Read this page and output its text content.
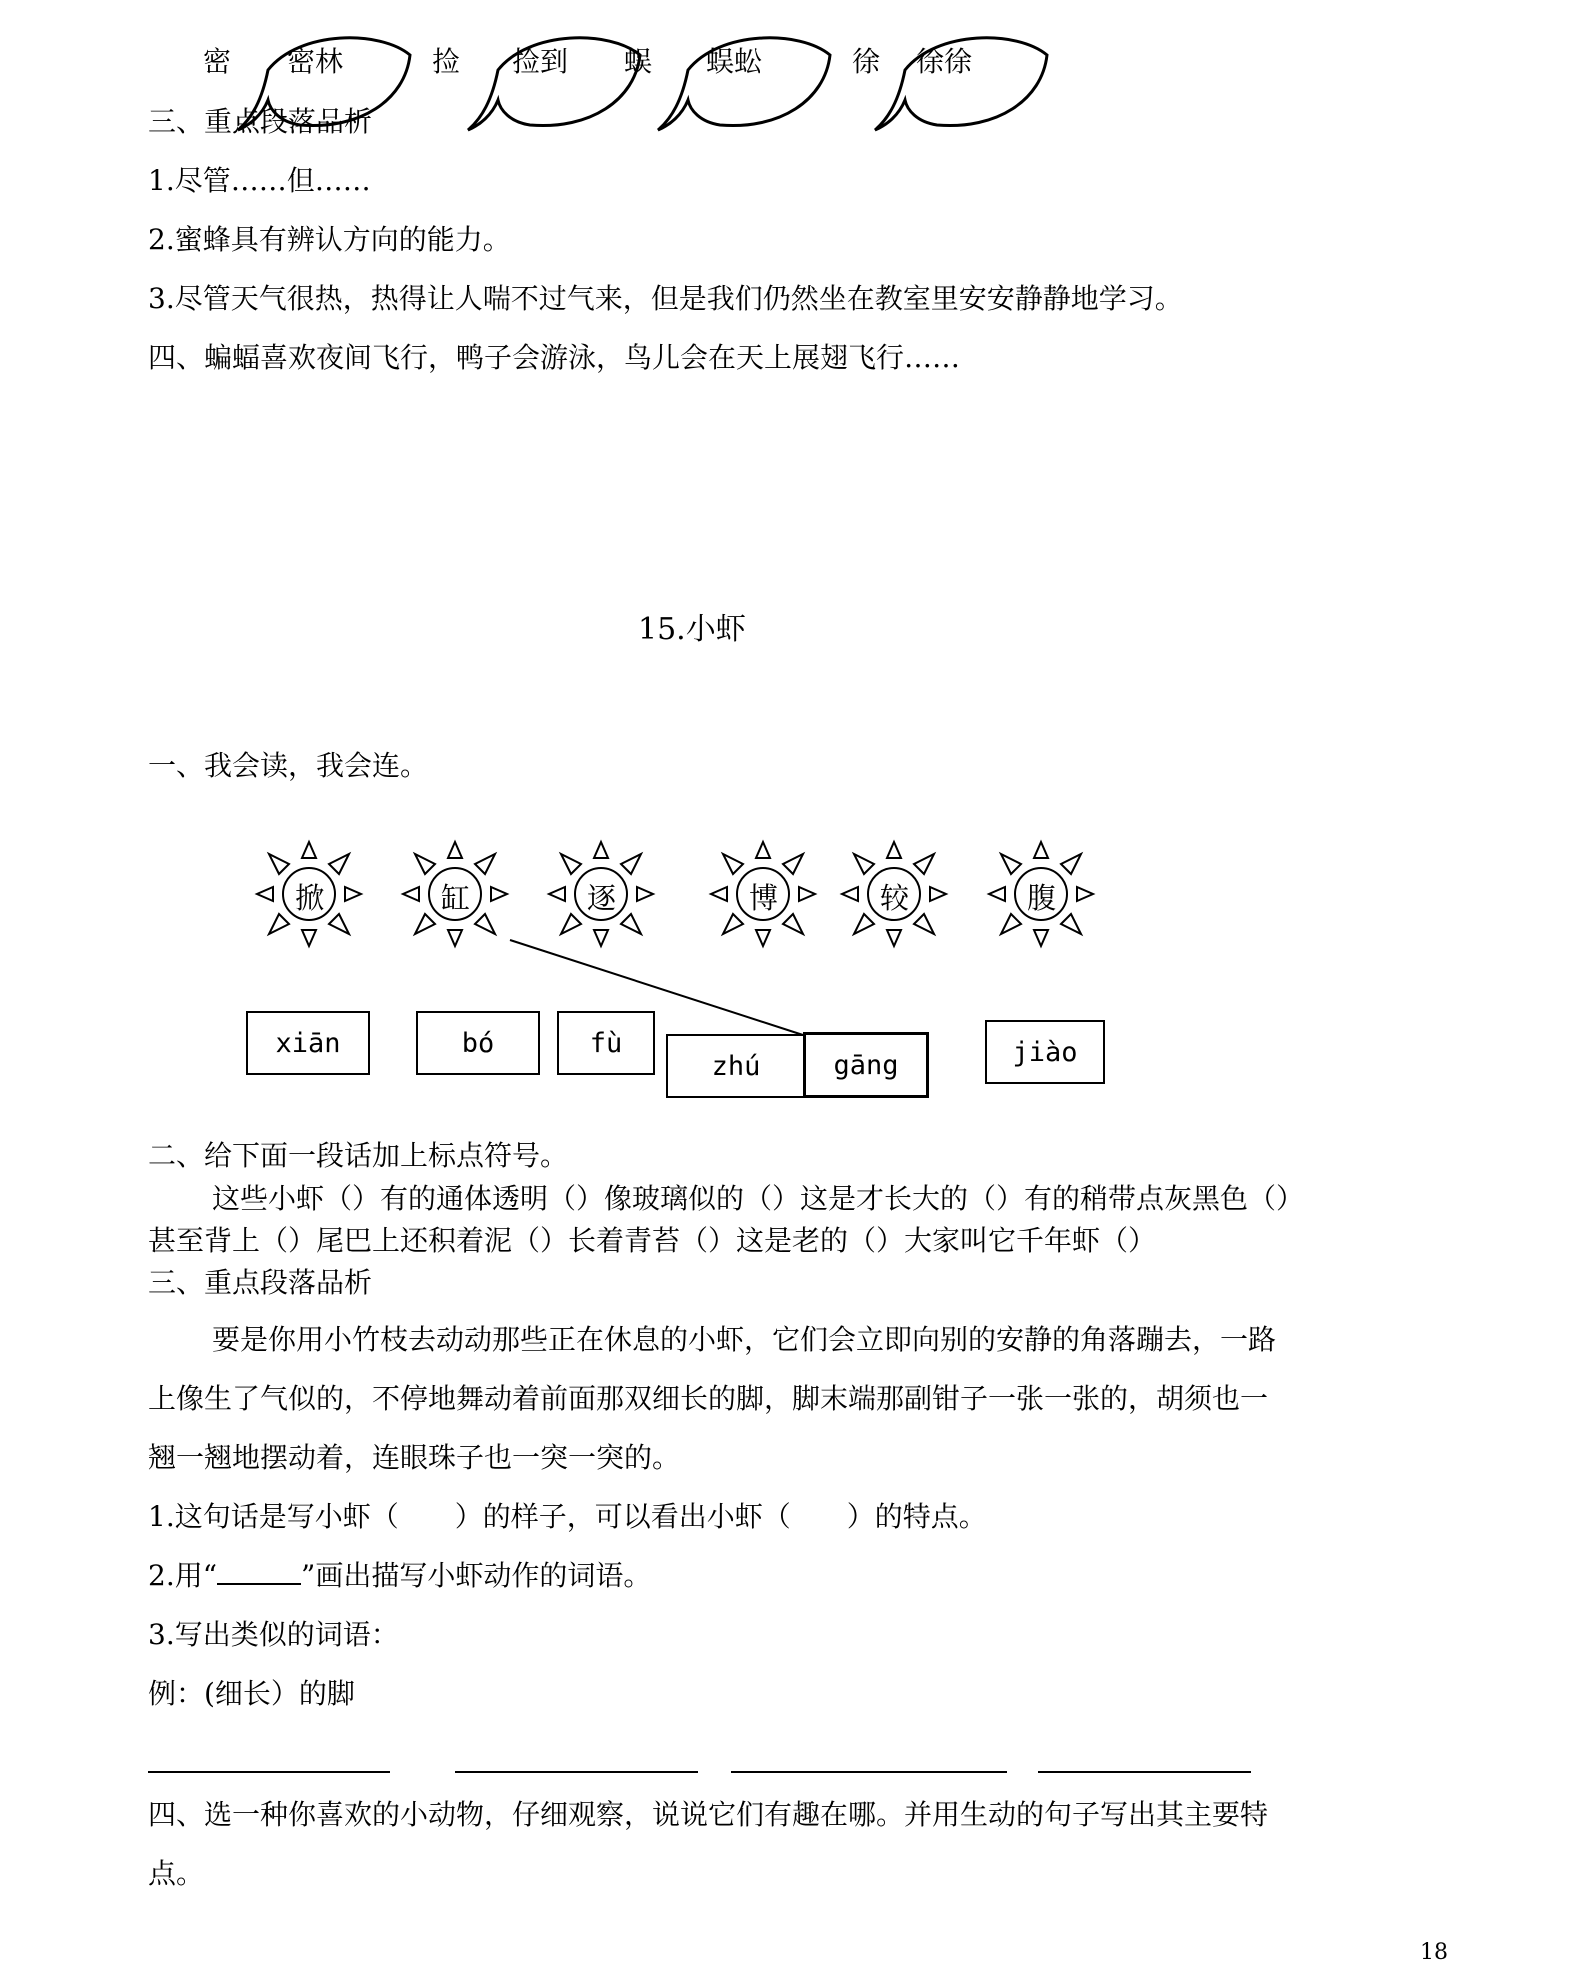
密 密林	捡 捡到 蜈 蜈蚣	徐 徐徐
三、重点段落品析
1.尽管……但……
2.蜜蜂具有辨认方向的能力。
3.尽管天气很热，热得让人喘不过气来，但是我们仍然坐在教室里安安静静地学习。
四、蝙蝠喜欢夜间飞行，鸭子会游泳，鸟儿会在天上展翅飞行……
15.小虾
一、我会读，我会连。
掀	缸	逐	博	较	腹
xiān	bó	fù
zhú	gāng	jiào
二、给下面一段话加上标点符号。
这些小虾（）有的通体透明（）像玻璃似的（）这是才长大的（）有的稍带点灰黑色（）
甚至背上（）尾巴上还积着泥（）长着青苔（）这是老的（）大家叫它千年虾（）
三、重点段落品析
要是你用小竹枝去动动那些正在休息的小虾，它们会立即向别的安静的角落蹦去，一路
上像生了气似的，不停地舞动着前面那双细长的脚，脚末端那副钳子一张一张的，胡须也一
翘一翘地摆动着，连眼珠子也一突一突的。
1.这句话是写小虾（　　）的样子，可以看出小虾（　　）的特点。
2.用“	”画出描写小虾动作的词语。
3.写出类似的词语：
例：(细长）的脚
四、选一种你喜欢的小动物，仔细观察，说说它们有趣在哪。并用生动的句子写出其主要特
点。
18
